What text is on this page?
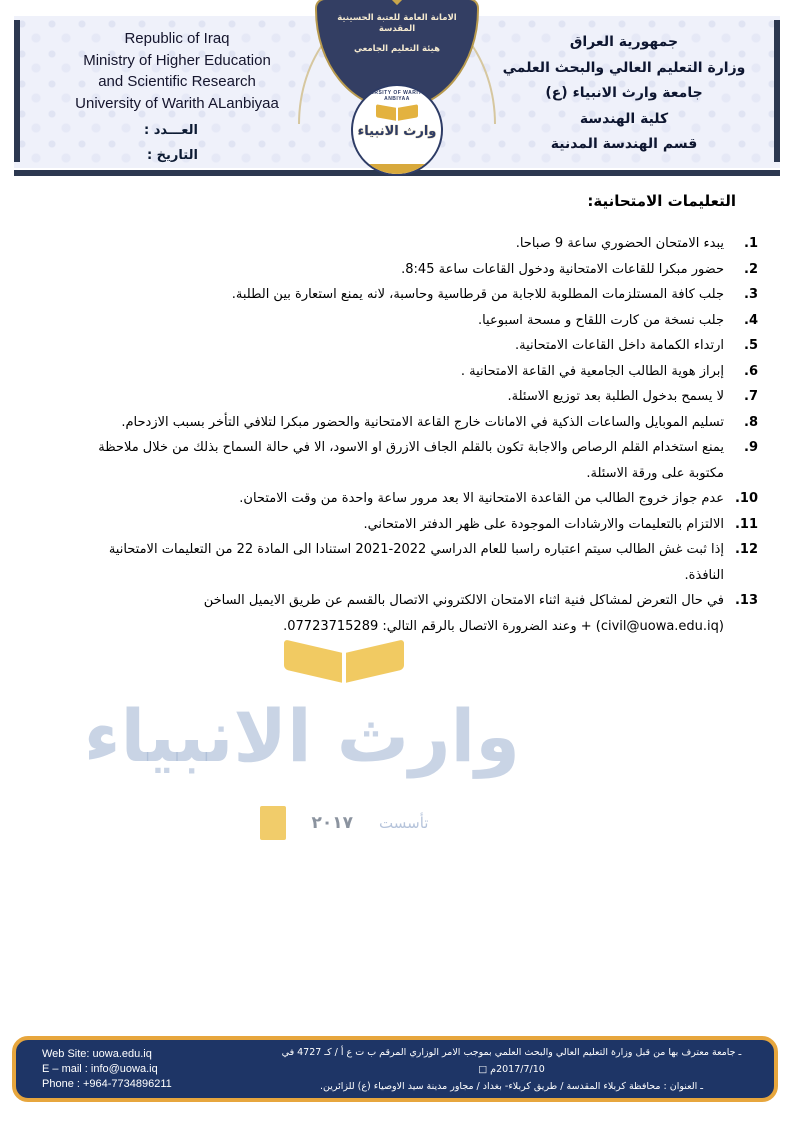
Republic of Iraq
Ministry of Higher Education
and Scientific Research
University of Warith ALanbiyaa
العـــدد :
التاريخ :
جمهورية العراق
وزارة التعليم العالي والبحث العلمي
جامعة وارث الانبياء (ع)
كلية الهندسة
قسم الهندسة المدنية
الامانة العامة للعتبة الحسينية المقدسة
هيئة التعليم الجامعي
UNIVERSITY OF WARITH AL-ANBIYAA
وارث الانبياء
وارث الانبياء
٢٠١٧ تأسست
التعليمات الامتحانية:
1.
يبدء الامتحان الحضوري ساعة 9 صباحا.
2.
حضور مبكرا للقاعات الامتحانية ودخول القاعات ساعة 8:45.
3.
جلب كافة المستلزمات المطلوبة للاجابة من قرطاسية وحاسبة، لانه يمنع استعارة بين الطلبة.
4.
جلب نسخة من كارت اللقاح و مسحة اسبوعيا.
5.
ارتداء الكمامة داخل القاعات الامتحانية.
6.
إبراز هوية الطالب الجامعية في القاعة الامتحانية .
7.
لا يسمح بدخول الطلبة بعد توزيع الاسئلة.
8.
تسليم الموبايل والساعات الذكية في الامانات خارج القاعة الامتحانية والحضور مبكرا لتلافي التأخر بسبب الازدحام.
9.
يمنع استخدام القلم الرصاص والاجابة تكون بالقلم الجاف الازرق او الاسود، الا في حالة السماح بذلك من خلال ملاحظة مكتوبة على ورقة الاسئلة.
10.
عدم جواز خروج الطالب من القاعدة الامتحانية الا بعد مرور ساعة واحدة من وقت الامتحان.
11.
الالتزام بالتعليمات والارشادات الموجودة على ظهر الدفتر الامتحاني.
12.
إذا ثبت غش الطالب سيتم اعتباره راسبا للعام الدراسي 2022-2021 استنادا الى المادة 22 من التعليمات الامتحانية النافذة.
13.
في حال التعرض لمشاكل فنية اثناء الامتحان الالكتروني الاتصال بالقسم عن طريق الايميل الساخن (civil@uowa.edu.iq) + وعند الضرورة الاتصال بالرقم التالي: 07723715289.
Web Site: uowa.edu.iq
E – mail : info@uowa.iq
Phone : +964-7734896211
ـ جامعة معترف بها من قبل وزارة التعليم العالي والبحث العلمي بموجب الامر الوزاري المرقم ب ت ع أ / كـ 4727 في 2017/7/10م □
ـ العنوان : محافظة كربلاء المقدسة / طريق كربلاء- بغداد / مجاور مدينة سيد الاوصياء (ع) للزائرين.
